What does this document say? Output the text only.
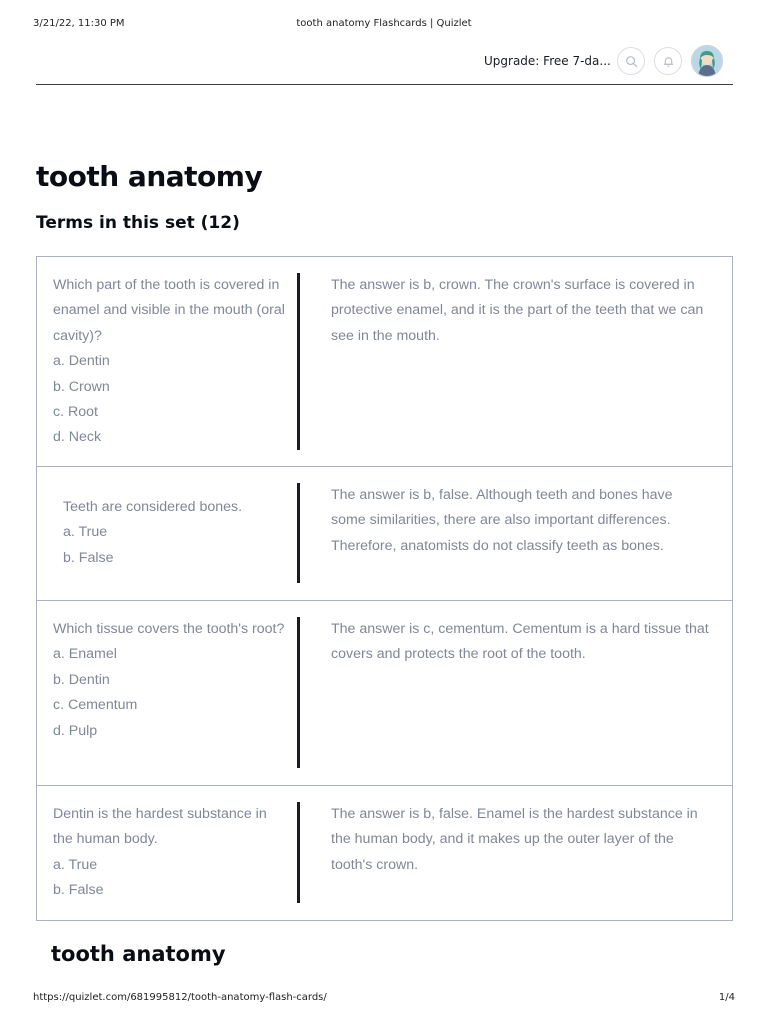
3/21/22, 11:30 PM	tooth anatomy Flashcards | Quizlet
Upgrade: Free 7-da...
tooth anatomy
Terms in this set (12)
Which part of the tooth is covered in enamel and visible in the mouth (oral cavity)?
a. Dentin
b. Crown
c. Root
d. Neck
The answer is b, crown. The crown's surface is covered in protective enamel, and it is the part of the teeth that we can see in the mouth.
Teeth are considered bones.
a. True
b. False
The answer is b, false. Although teeth and bones have some similarities, there are also important differences. Therefore, anatomists do not classify teeth as bones.
Which tissue covers the tooth's root?
a. Enamel
b. Dentin
c. Cementum
d. Pulp
The answer is c, cementum. Cementum is a hard tissue that covers and protects the root of the tooth.
Dentin is the hardest substance in the human body.
a. True
b. False
The answer is b, false. Enamel is the hardest substance in the human body, and it makes up the outer layer of the tooth's crown.
tooth anatomy
https://quizlet.com/681995812/tooth-anatomy-flash-cards/	1/4
